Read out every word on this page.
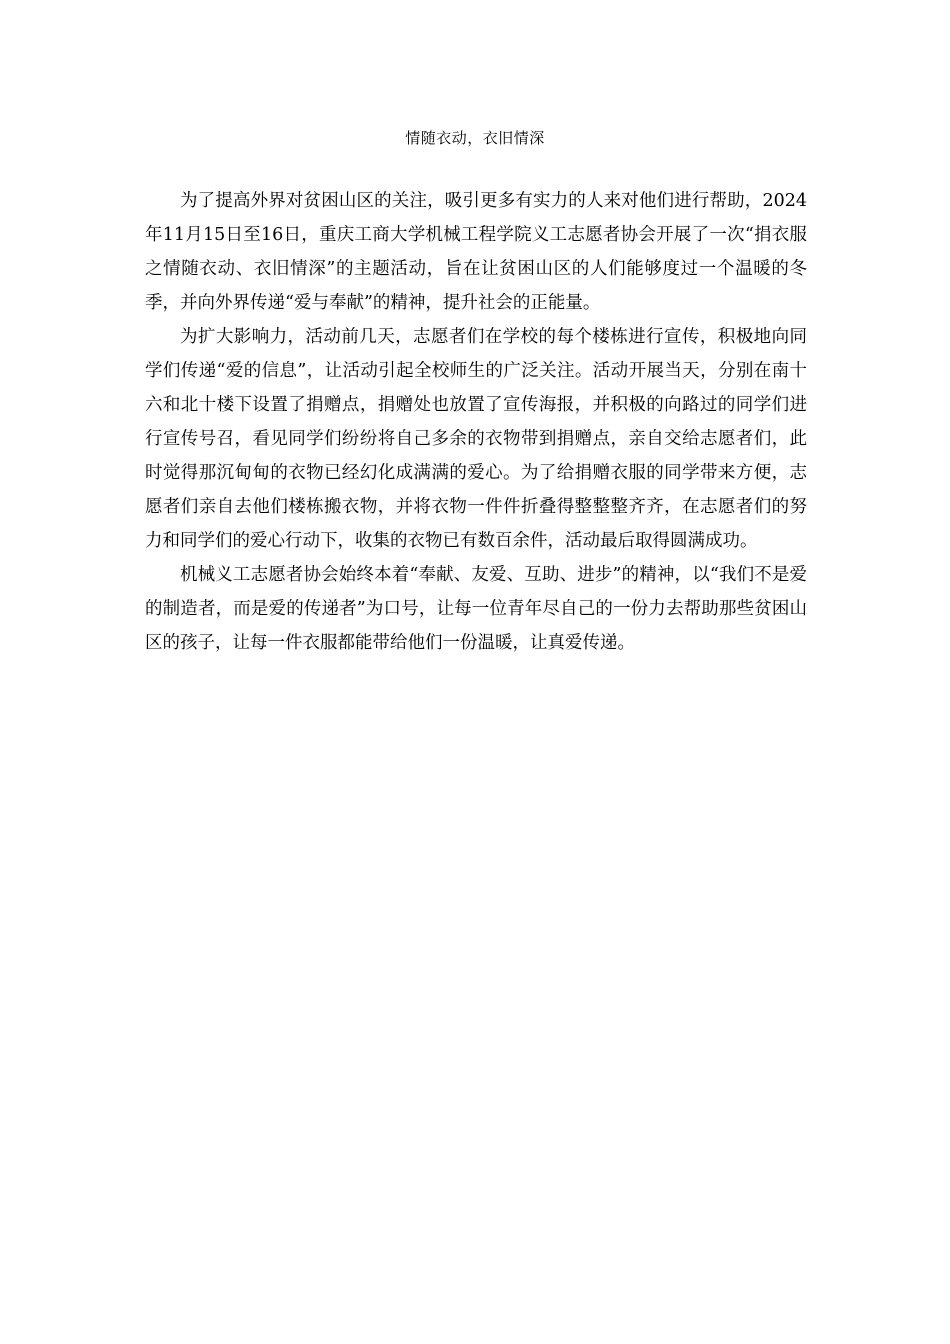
情随衣动，衣旧情深

为了提高外界对贫困山区的关注，吸引更多有实力的人来对他们进行帮助，2024年11月15日至16日，重庆工商大学机械工程学院义工志愿者协会开展了一次“捐衣服之情随衣动、衣旧情深”的主题活动，旨在让贫困山区的人们能够度过一个温暖的冬季，并向外界传递“爱与奉献”的精神，提升社会的正能量。

为扩大影响力，活动前几天，志愿者们在学校的每个楼栋进行宣传，积极地向同学们传递“爱的信息”，让活动引起全校师生的广泛关注。活动开展当天，分别在南十六和北十楼下设置了捐赠点，捐赠处也放置了宣传海报，并积极的向路过的同学们进行宣传号召，看见同学们纷纷将自己多余的衣物带到捐赠点，亲自交给志愿者们，此时觉得那沉甸甸的衣物已经幻化成满满的爱心。为了给捐赠衣服的同学带来方便，志愿者们亲自去他们楼栋搬衣物，并将衣物一件件折叠得整整整齐齐，在志愿者们的努力和同学们的爱心行动下，收集的衣物已有数百余件，活动最后取得圆满成功。

机械义工志愿者协会始终本着“奉献、友爱、互助、进步”的精神，以“我们不是爱的制造者，而是爱的传递者”为口号，让每一位青年尽自己的一份力去帮助那些贫困山区的孩子，让每一件衣服都能带给他们一份温暖，让真爱传递。
